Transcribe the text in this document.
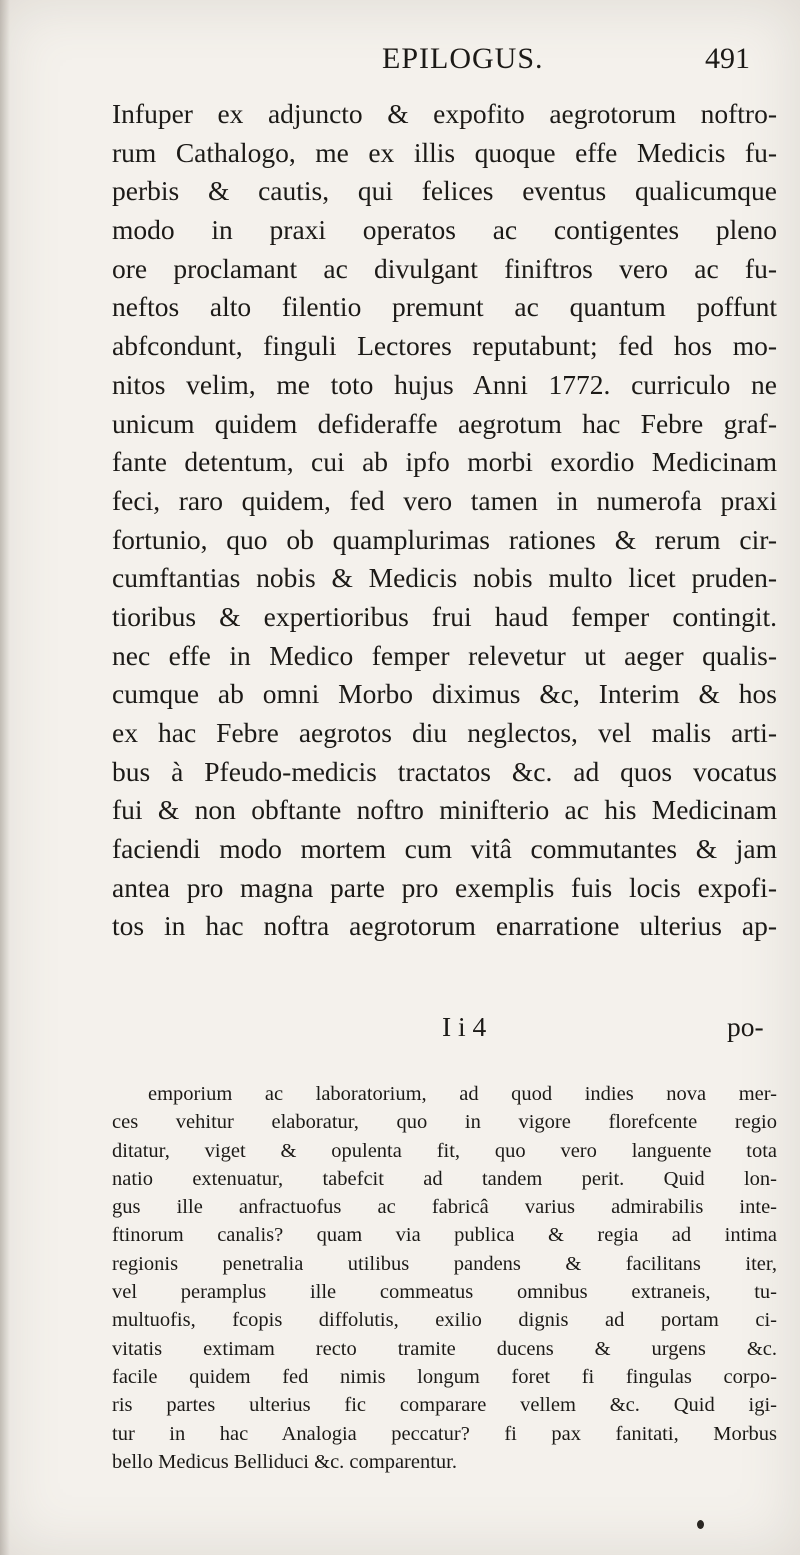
EPILOGUS.	491
Infuper ex adjuncto & expofito aegrotorum noftro-
rum Cathalogo, me ex illis quoque effe Medicis fu-
perbis & cautis, qui felices eventus qualicumque
modo in praxi operatos ac contigentes pleno
ore proclamant ac divulgant finiftros vero ac fu-
neftos alto filentio premunt ac quantum poffunt
abfcondunt, finguli Lectores reputabunt; fed hos mo-
nitos velim, me toto hujus Anni 1772. curriculo ne
unicum quidem defideraffe aegrotum hac Febre graf-
fante detentum, cui ab ipfo morbi exordio Medicinam
feci, raro quidem, fed vero tamen in numerofa praxi
fortunio, quo ob quamplurimas rationes & rerum cir-
cumftantias nobis & Medicis nobis multo licet pruden-
tioribus & expertioribus frui haud femper contingit.
nec effe in Medico femper relevetur ut aeger qualis-
cumque ab omni Morbo diximus &c, Interim & hos
ex hac Febre aegrotos diu neglectos, vel malis arti-
bus à Pfeudo-medicis tractatos &c. ad quos vocatus
fui & non obftante noftro minifterio ac his Medicinam
faciendi modo mortem cum vitâ commutantes & jam
antea pro magna parte pro exemplis fuis locis expofi-
tos in hac noftra aegrotorum enarratione ulterius ap-
I i 4	po-
emporium ac laboratorium, ad quod indies nova mer-
ces vehitur elaboratur, quo in vigore florefcente regio
ditatur, viget & opulenta fit, quo vero languente tota
natio extenuatur, tabefcit ad tandem perit. Quid lon-
gus ille anfractuofus ac fabricâ varius admirabilis inte-
ftinorum canalis? quam via publica & regia ad intima
regionis penetralia utilibus pandens & facilitans iter,
vel peramplus ille commeatus omnibus extraneis, tu-
multuofis, fcopis diffolutis, exilio dignis ad portam ci-
vitatis extimam recto tramite ducens & urgens &c.
facile quidem fed nimis longum foret fi fingulas corpo-
ris partes ulterius fic comparare vellem &c. Quid igi-
tur in hac Analogia peccatur? fi pax fanitati, Morbus
bello Medicus Belliduci &c. comparentur.
